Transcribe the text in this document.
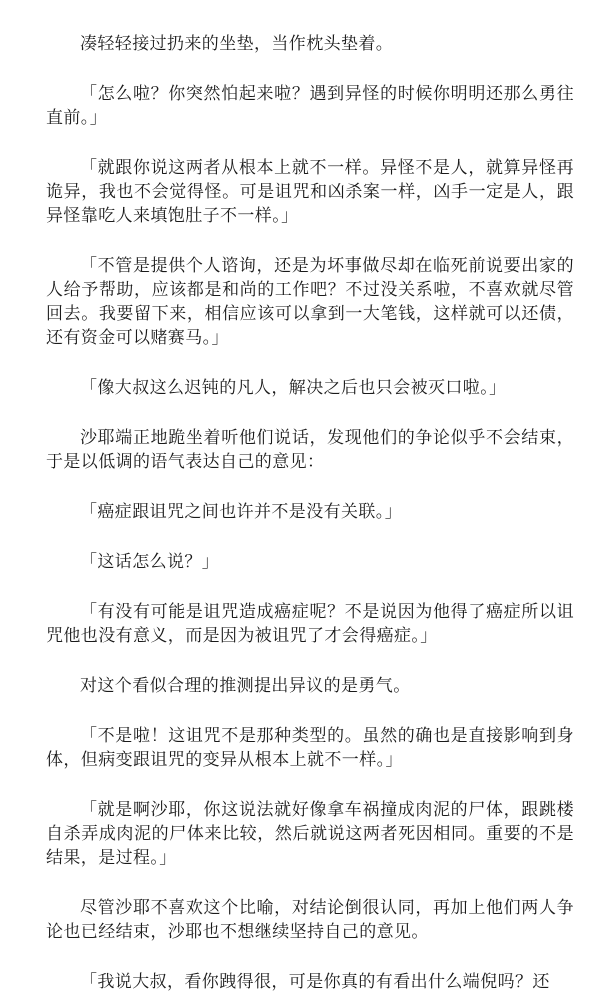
凑轻轻接过扔来的坐垫，当作枕头垫着。

「怎么啦？你突然怕起来啦？遇到异怪的时候你明明还那么勇往直前。」

「就跟你说这两者从根本上就不一样。异怪不是人，就算异怪再诡异，我也不会觉得怪。可是诅咒和凶杀案一样，凶手一定是人，跟异怪靠吃人来填饱肚子不一样。」

「不管是提供个人谘询，还是为坏事做尽却在临死前说要出家的人给予帮助，应该都是和尚的工作吧？不过没关系啦，不喜欢就尽管回去。我要留下来，相信应该可以拿到一大笔钱，这样就可以还债，还有资金可以赌赛马。」

「像大叔这么迟钝的凡人，解决之后也只会被灭口啦。」

沙耶端正地跪坐着听他们说话，发现他们的争论似乎不会结束，于是以低调的语气表达自己的意见：

「癌症跟诅咒之间也许并不是没有关联。」

「这话怎么说？」

「有没有可能是诅咒造成癌症呢？不是说因为他得了癌症所以诅咒他也没有意义，而是因为被诅咒了才会得癌症。」

对这个看似合理的推测提出异议的是勇气。

「不是啦！这诅咒不是那种类型的。虽然的确也是直接影响到身体，但病变跟诅咒的变异从根本上就不一样。」

「就是啊沙耶，你这说法就好像拿车祸撞成肉泥的尸体，跟跳楼自杀弄成肉泥的尸体来比较，然后就说这两者死因相同。重要的不是结果，是过程。」

尽管沙耶不喜欢这个比喻，对结论倒很认同，再加上他们两人争论也已经结束，沙耶也不想继续坚持自己的意见。

「我说大叔，看你跩得很，可是你真的有看出什么端倪吗？还
